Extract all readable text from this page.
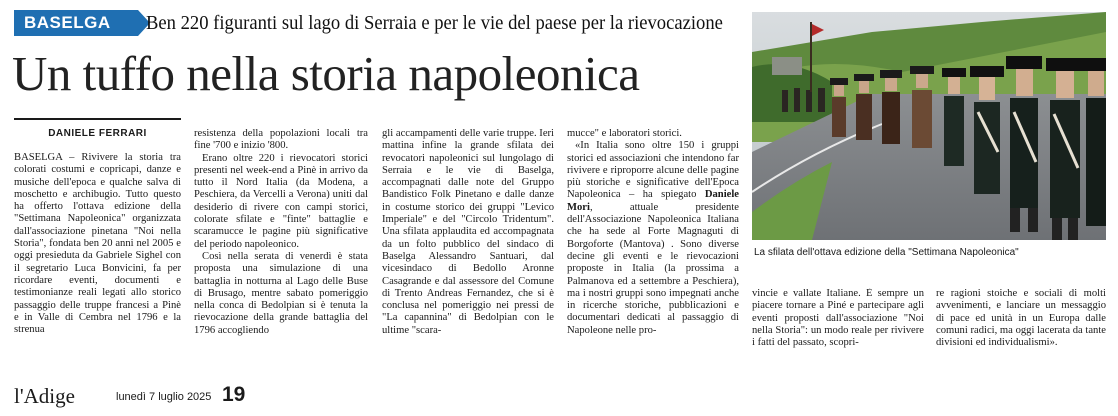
BASELGA	Ben 220 figuranti sul lago di Serraia e per le vie del paese per la rievocazione
Un tuffo nella storia napoleonica
DANIELE FERRARI

BASELGA – Rivivere la storia tra colorati costumi e copricapi, danze e musiche dell'epoca e qualche salva di moschetto e archibugio. Tutto questo ha offerto l'ottava edizione della "Settimana Napoleonica" organizzata dall'associazione pinetana "Noi nella Storia", fondata ben 20 anni nel 2005 e oggi presieduta da Gabriele Sighel con il segretario Luca Bonvicini, fa per ricordare eventi, documenti e testimonianze reali legati allo storico passaggio delle truppe francesi a Pinè e in Valle di Cembra nel 1796 e la strenua

resistenza della popolazioni locali tra fine '700 e inizio '800.

Erano oltre 220 i rievocatori storici presenti nel week-end a Pinè in arrivo da tutto il Nord Italia (da Modena, a Peschiera, da Vercelli a Verona) uniti dal desiderio di rivere con campi storici, colorate sfilate e "finte" battaglie e scaramucce le pagine più significative del periodo napoleonico.

Così nella serata di venerdì è stata proposta una simulazione di una battaglia in notturna al Lago delle Buse di Brusago, mentre sabato pomeriggio nella conca di Bedolpian si è tenuta la rievocazione della grande battaglia del 1796 accogliendo

gli accampamenti delle varie truppe. Ieri mattina infine la grande sfilata dei revocatori napoleonici sul lungolago di Serraia e le vie di Baselga, accompagnati dalle note del Gruppo Bandistico Folk Pinetano e dalle danze in costume storico dei gruppi "Levico Imperiale" e del "Circolo Tridentum". Una sfilata applaudita ed accompagnata da un folto pubblico del sindaco di Baselga Alessandro Santuari, dal vicesindaco di Bedollo Aronne Casagrande e dal assessore del Comune di Trento Andreas Fernandez, che si è conclusa nel pomeriggio nei pressi de "La capannina" di Bedolpian con le ultime "scara-

mucce" e laboratori storici.

«In Italia sono oltre 150 i gruppi storici ed associazioni che intendono far rivivere e riproporre alcune delle pagine più storiche e significative dell'Epoca Napoleonica – ha spiegato Daniele Mori, attuale presidente dell'Associazione Napoleonica Italiana che ha sede al Forte Magnaguti di Borgoforte (Mantova) . Sono diverse decine gli eventi e le rievocazioni proposte in Italia (la prossima a Palmanova ed a settembre a Peschiera), ma i nostri gruppi sono impegnati anche in ricerche storiche, pubblicazioni e documentari dedicati al passaggio di Napoleone nelle pro-

vincie e vallate Italiane. È sempre un piacere tornare a Piné e partecipare agli eventi proposti dall'associazione "Noi nella Storia": un modo reale per rivivere i fatti del passato, scopri-

re ragioni stoiche e sociali di molti avvenimenti, e lanciare un messaggio di pace ed unità in un Europa dalle comuni radici, ma oggi lacerata da tante divisioni ed individualismi».

La sfilata dell'ottava edizione della "Settimana Napoleonica"
l'Adige	lunedì 7 luglio 2025 19
